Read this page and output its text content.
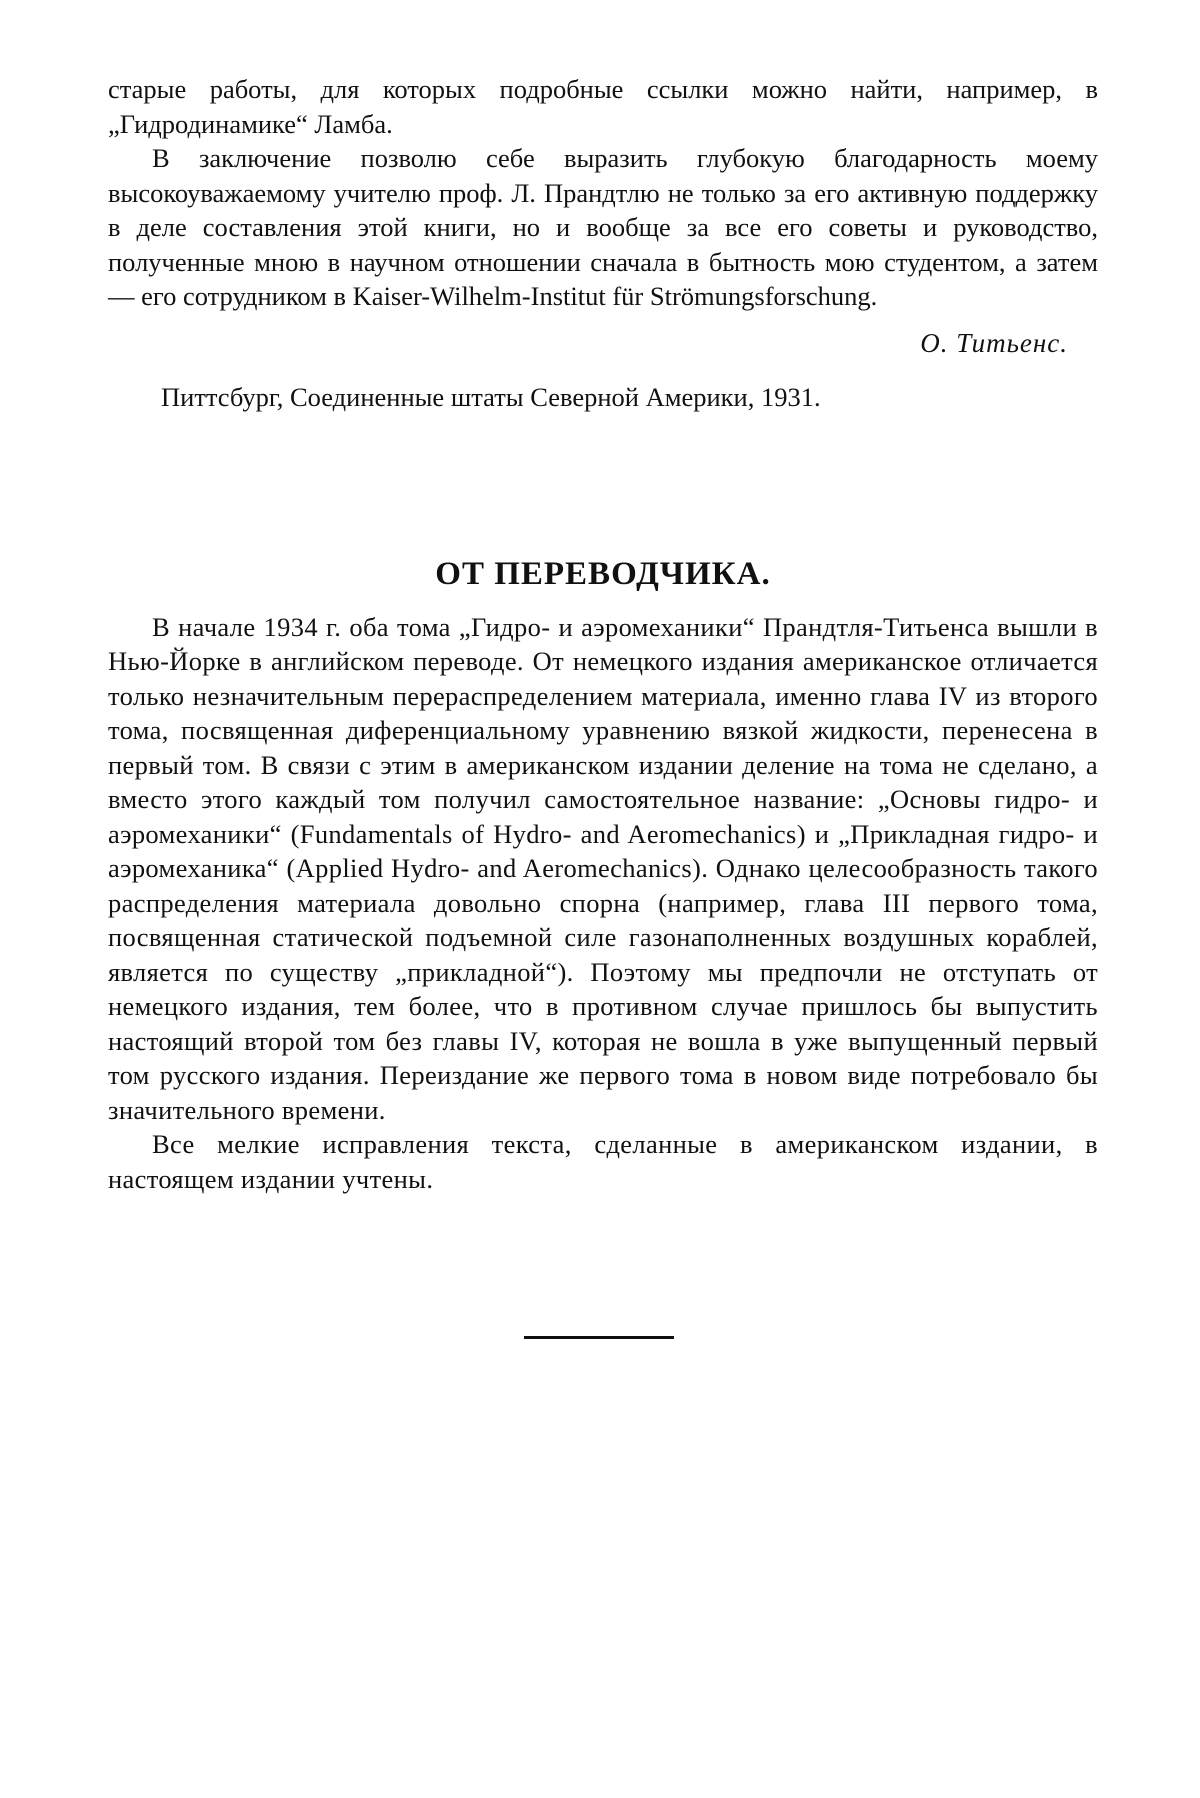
старые работы, для которых подробные ссылки можно найти, например, в „Гидродинамике“ Ламба.

В заключение позволю себе выразить глубокую благодарность моему высокоуважаемому учителю проф. Л. Прандтлю не только за его активную поддержку в деле составления этой книги, но и вообще за все его советы и руководство, полученные мною в научном отношении сначала в бытность мою студентом, а затем — его сотрудником в Kaiser-Wilhelm-Institut für Strömungsforschung.

О. Титьенс.
Питтсбург, Соединенные штаты Северной Америки, 1931.
ОТ ПЕРЕВОДЧИКА.

В начале 1934 г. оба тома „Гидро- и аэромеханики“ Прандтля-Титьенса вышли в Нью-Йорке в английском переводе. От немецкого издания американское отличается только незначительным перераспределением материала, именно глава IV из второго тома, посвященная диференциальному уравнению вязкой жидкости, перенесена в первый том. В связи с этим в американском издании деление на тома не сделано, а вместо этого каждый том получил самостоятельное название: „Основы гидро- и аэромеханики“ (Fundamentals of Hydro- and Aeromechanics) и „Прикладная гидро- и аэромеханика“ (Applied Hydro- and Aeromechanics). Однако целесообразность такого распределения материала довольно спорна (например, глава III первого тома, посвященная статической подъемной силе газонаполненных воздушных кораблей, является по существу „прикладной“). Поэтому мы предпочли не отступать от немецкого издания, тем более, что в противном случае пришлось бы выпустить настоящий второй том без главы IV, которая не вошла в уже выпущенный первый том русского издания. Переиздание же первого тома в новом виде потребовало бы значительного времени.

Все мелкие исправления текста, сделанные в американском издании, в настоящем издании учтены.
